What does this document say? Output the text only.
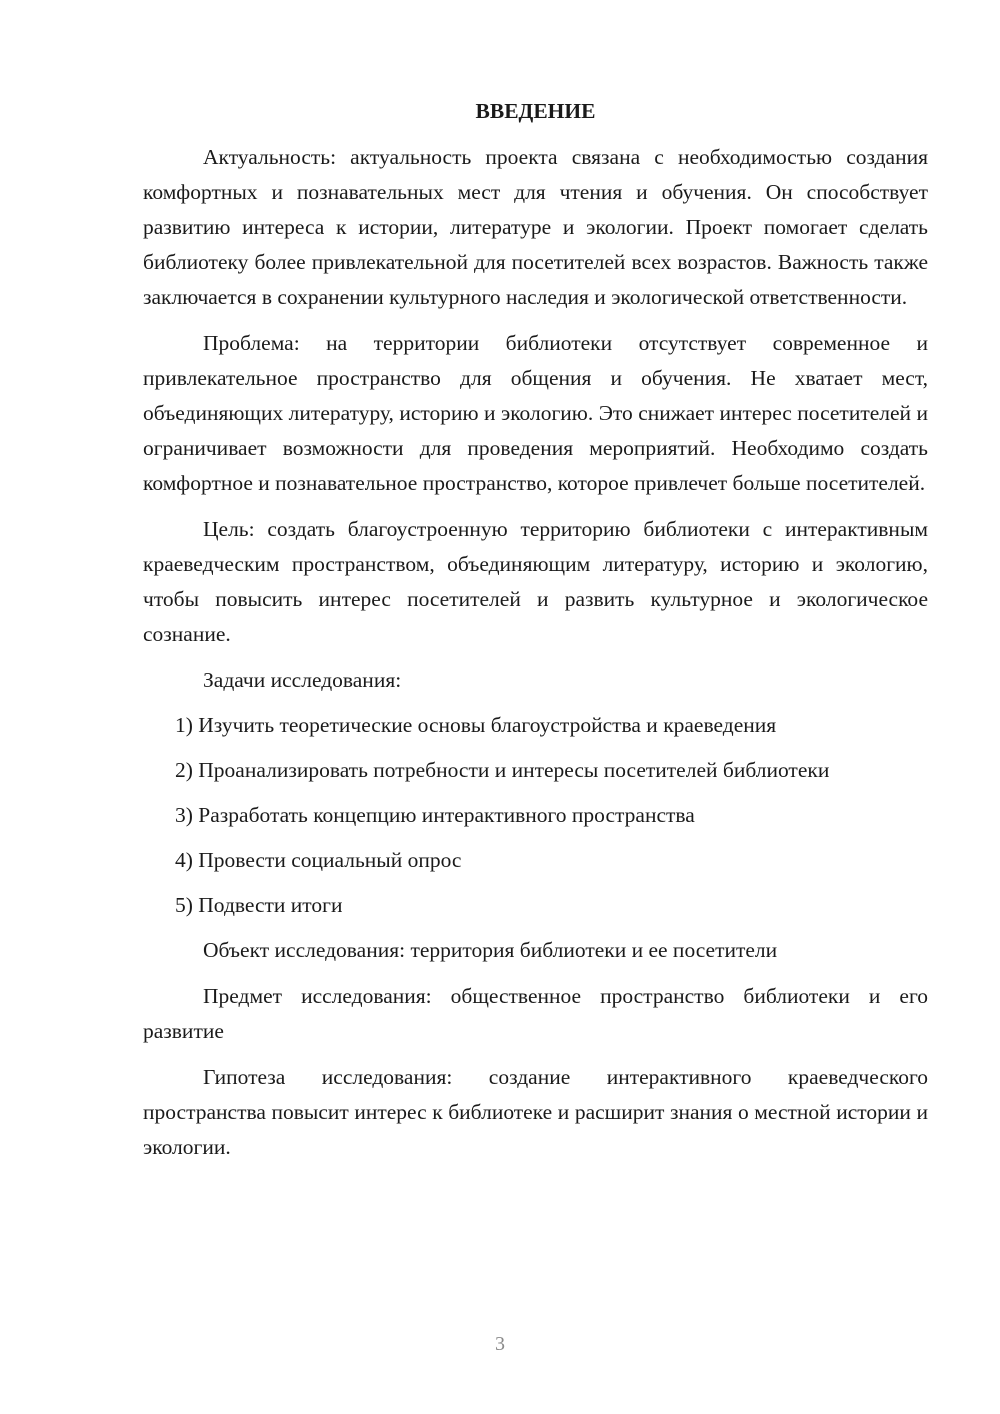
ВВЕДЕНИЕ

Актуальность: актуальность проекта связана с необходимостью создания комфортных и познавательных мест для чтения и обучения. Он способствует развитию интереса к истории, литературе и экологии. Проект помогает сделать библиотеку более привлекательной для посетителей всех возрастов. Важность также заключается в сохранении культурного наследия и экологической ответственности.

Проблема: на территории библиотеки отсутствует современное и привлекательное пространство для общения и обучения. Не хватает мест, объединяющих литературу, историю и экологию. Это снижает интерес посетителей и ограничивает возможности для проведения мероприятий. Необходимо создать комфортное и познавательное пространство, которое привлечет больше посетителей.

Цель: создать благоустроенную территорию библиотеки с интерактивным краеведческим пространством, объединяющим литературу, историю и экологию, чтобы повысить интерес посетителей и развить культурное и экологическое сознание.

Задачи исследования:

1) Изучить теоретические основы благоустройства и краеведения

2) Проанализировать потребности и интересы посетителей библиотеки

3) Разработать концепцию интерактивного пространства

4) Провести социальный опрос

5) Подвести итоги

Объект исследования: территория библиотеки и ее посетители

Предмет исследования: общественное пространство библиотеки и его развитие

Гипотеза исследования: создание интерактивного краеведческого пространства повысит интерес к библиотеке и расширит знания о местной истории и экологии.

3
